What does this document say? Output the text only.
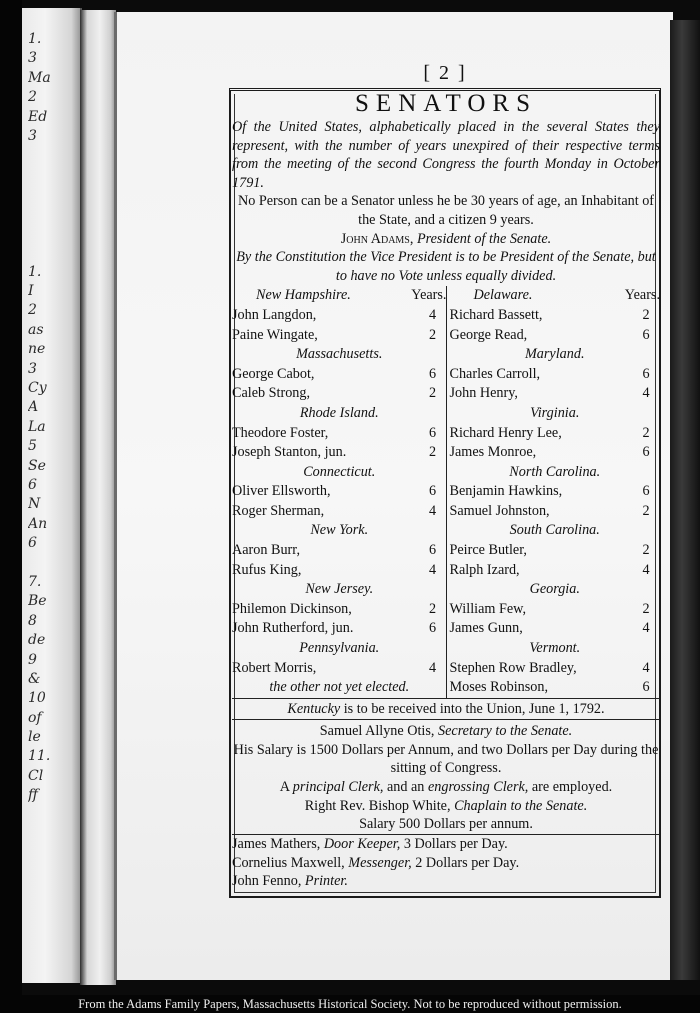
1.
3
Ma
2
Ed
3
1.
I
2
as
ne
3
Cy
A
La
5
Se
6
N
An
6
7.
Be
8
de
9
&
10
of
le
11.
Cl
ff
[ 2 ]
SENATORS

Of the United States, alphabetically placed in the several States they represent, with the number of years unexpired of their respective terms from the meeting of the second Congress the fourth Monday in October 1791.

No Person can be a Senator unless he be 30 years of age, an Inhabitant of the State, and a citizen 9 years.

John Adams, President of the Senate.

By the Constitution the Vice President is to be President of the Senate, but to have no Vote unless equally divided.

New Hampshire.	Years.
John Langdon,	4
Paine Wingate,	2
Massachusetts.
George Cabot,	6
Caleb Strong,	2
Rhode Island.
Theodore Foster,	6
Joseph Stanton, jun.	2
Connecticut.
Oliver Ellsworth,	6
Roger Sherman,	4
New York.
Aaron Burr,	6
Rufus King,	4
New Jersey.
Philemon Dickinson,	2
John Rutherford, jun.	6
Pennsylvania.
Robert Morris,	4
the other not yet elected.
Delaware.	Years.
Richard Bassett,	2
George Read,	6
Maryland.
Charles Carroll,	6
John Henry,	4
Virginia.
Richard Henry Lee,	2
James Monroe,	6
North Carolina.
Benjamin Hawkins,	6
Samuel Johnston,	2
South Carolina.
Peirce Butler,	2
Ralph Izard,	4
Georgia.
William Few,	2
James Gunn,	4
Vermont.
Stephen Row Bradley,	4
Moses Robinson,	6

Kentucky is to be received into the Union, June 1, 1792.

Samuel Allyne Otis, Secretary to the Senate.

His Salary is 1500 Dollars per Annum, and two Dollars per Day during the sitting of Congress.

A principal Clerk, and an engrossing Clerk, are employed.

Right Rev. Bishop White, Chaplain to the Senate.

Salary 500 Dollars per annum.

James Mathers, Door Keeper, 3 Dollars per Day.

Cornelius Maxwell, Messenger, 2 Dollars per Day.

John Fenno, Printer.

From the Adams Family Papers, Massachusetts Historical Society. Not to be reproduced without permission.
